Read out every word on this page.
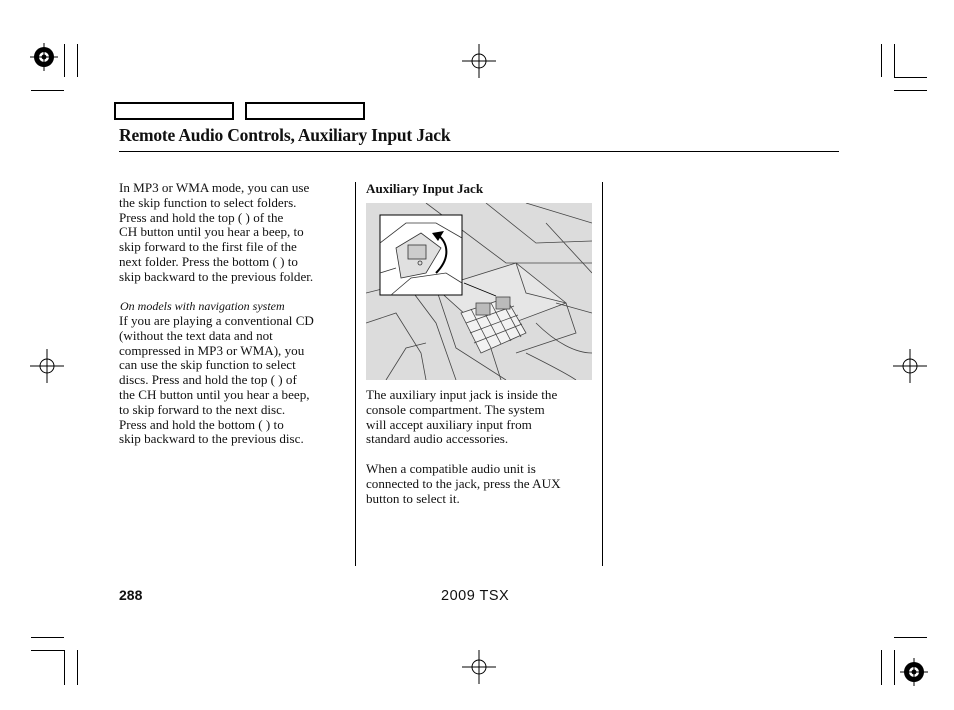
Remote Audio Controls, Auxiliary Input Jack
In MP3 or WMA mode, you can use
the skip function to select folders.
Press and hold the top ( ) of the
CH button until you hear a beep, to
skip forward to the first file of the
next folder. Press the bottom ( ) to
skip backward to the previous folder.
On models with navigation system
If you are playing a conventional CD
(without the text data and not
compressed in MP3 or WMA), you
can use the skip function to select
discs. Press and hold the top ( ) of
the CH button until you hear a beep,
to skip forward to the next disc.
Press and hold the bottom ( ) to
skip backward to the previous disc.
Auxiliary Input Jack
The auxiliary input jack is inside the
console compartment. The system
will accept auxiliary input from
standard audio accessories.
When a compatible audio unit is
connected to the jack, press the AUX
button to select it.
288	2009 TSX
